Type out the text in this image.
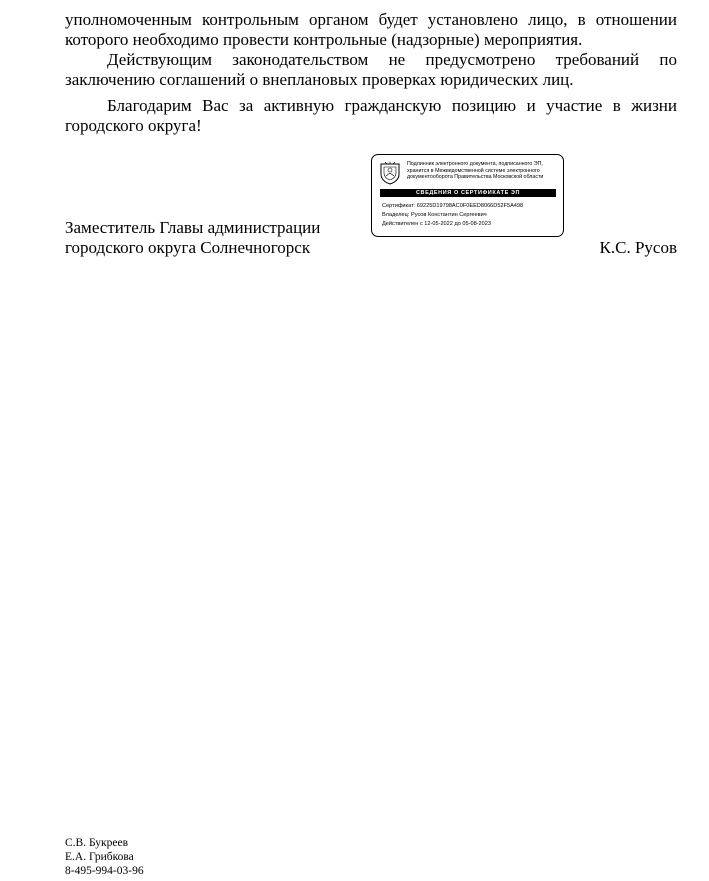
уполномоченным контрольным органом будет установлено лицо, в отношении
которого необходимо провести контрольные (надзорные) мероприятия.
Действующим законодательством не предусмотрено требований по
заключению соглашений о внеплановых проверках юридических лиц.
Благодарим Вас за активную гражданскую позицию и участие в жизни
городского округа!
Подлинник электронного документа, подписанного ЭП,
хранится в Межведомственной системе электронного
документооборота Правительства Московской области
СВЕДЕНИЯ О СЕРТИФИКАТЕ ЭП
Сертификат: 69225D19798AC0F0EED8066D52F5A498
Владелец: Русов Константин Сергеевич
Действителен с 12-05-2022 до 05-08-2023
Заместитель Главы администрации
городского округа Солнечногорск	К.С. Русов
С.В. Букреев
Е.А. Грибкова
8-495-994-03-96
